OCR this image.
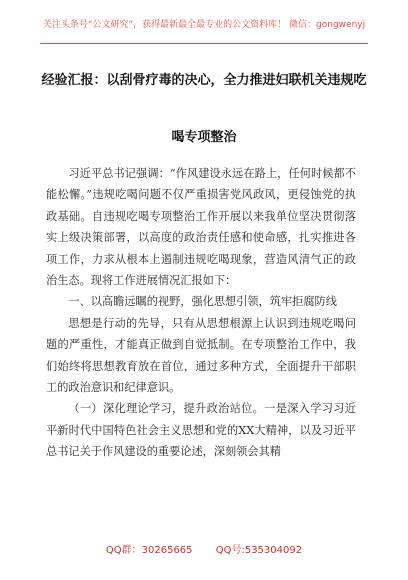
关注头条号“公文研究”，获得最新最全最专业的公文资料库！ 微信：gongwenyj
经验汇报：以刮骨疗毒的决心，全力推进妇联机关违规吃
喝专项整治

习近平总书记强调：“作风建设永远在路上，任何时候都不能松懈。”违规吃喝问题不仅严重损害党风政风，更侵蚀党的执政基础。自违规吃喝专项整治工作开展以来我单位坚决贯彻落实上级决策部署，以高度的政治责任感和使命感，扎实推进各项工作，力求从根本上遏制违规吃喝现象，营造风清气正的政治生态。现将工作进展情况汇报如下：

一、以高瞻远瞩的视野，强化思想引领，筑牢拒腐防线

思想是行动的先导，只有从思想根源上认识到违规吃喝问题的严重性，才能真正做到自觉抵制。在专项整治工作中，我们始终将思想教育放在首位，通过多种方式，全面提升干部职工的政治意识和纪律意识。

（一）深化理论学习，提升政治站位。一是深入学习习近平新时代中国特色社会主义思想和党的XX大精神，以及习近平总书记关于作风建设的重要论述，深刻领会其精

QQ群：30265665 QQ号:535304092
